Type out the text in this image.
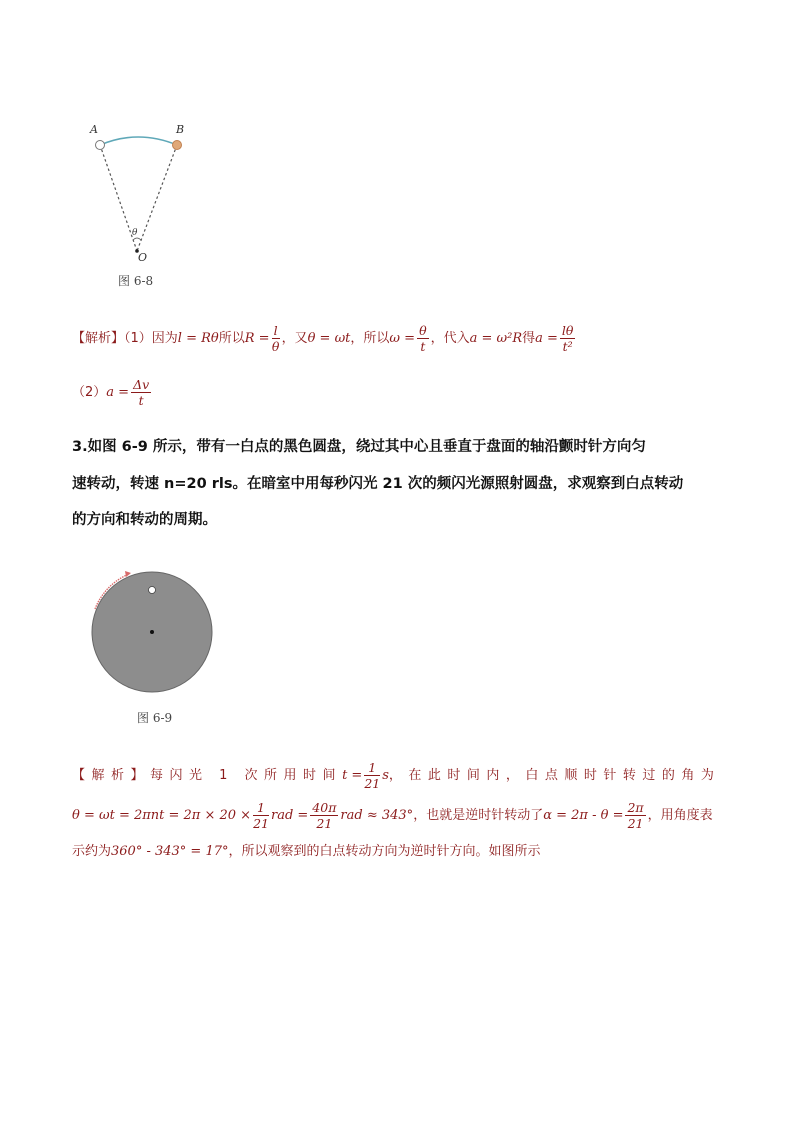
A	B
θ
O
图 6-8
【解析】（1）因为l = Rθ所以$R = \frac{l}{\theta}$ ，又θ = ωt，所以$\omega = \frac{\theta}{t}$ ，代入a = ω²R得$a = \frac{l\theta}{\text{t²}}$
$(2)a = \frac{\Delta v}{t}$
3.如图 6-9 所示，带有一白点的黑色圆盘，绕过其中心且垂直于盘面的轴沿颤时针方向匀
速转动，转速 n=20 rls。在暗室中用每秒闪光 21 次的频闪光源照射圆盘，求观察到白点转动
的方向和转动的周期。
图 6-9
【解析】每闪光 1 次所用时间$t = \frac{1}{21}$ s，在此时间内，白点顺时针转过的角为
$\theta = \omega t = 2\pi nt = 2\pi \times 20 \times \frac{1}{21}$ rad = $\frac{40\pi}{21}$ rad ≈ 343°，也就是逆时针转动了$\alpha = 2\pi - \theta = \frac{2\pi}{21}$ ，用角度表
示约为360° - 343° = 17°，所以观察到的白点转动方向为逆时针方向。如图所示
